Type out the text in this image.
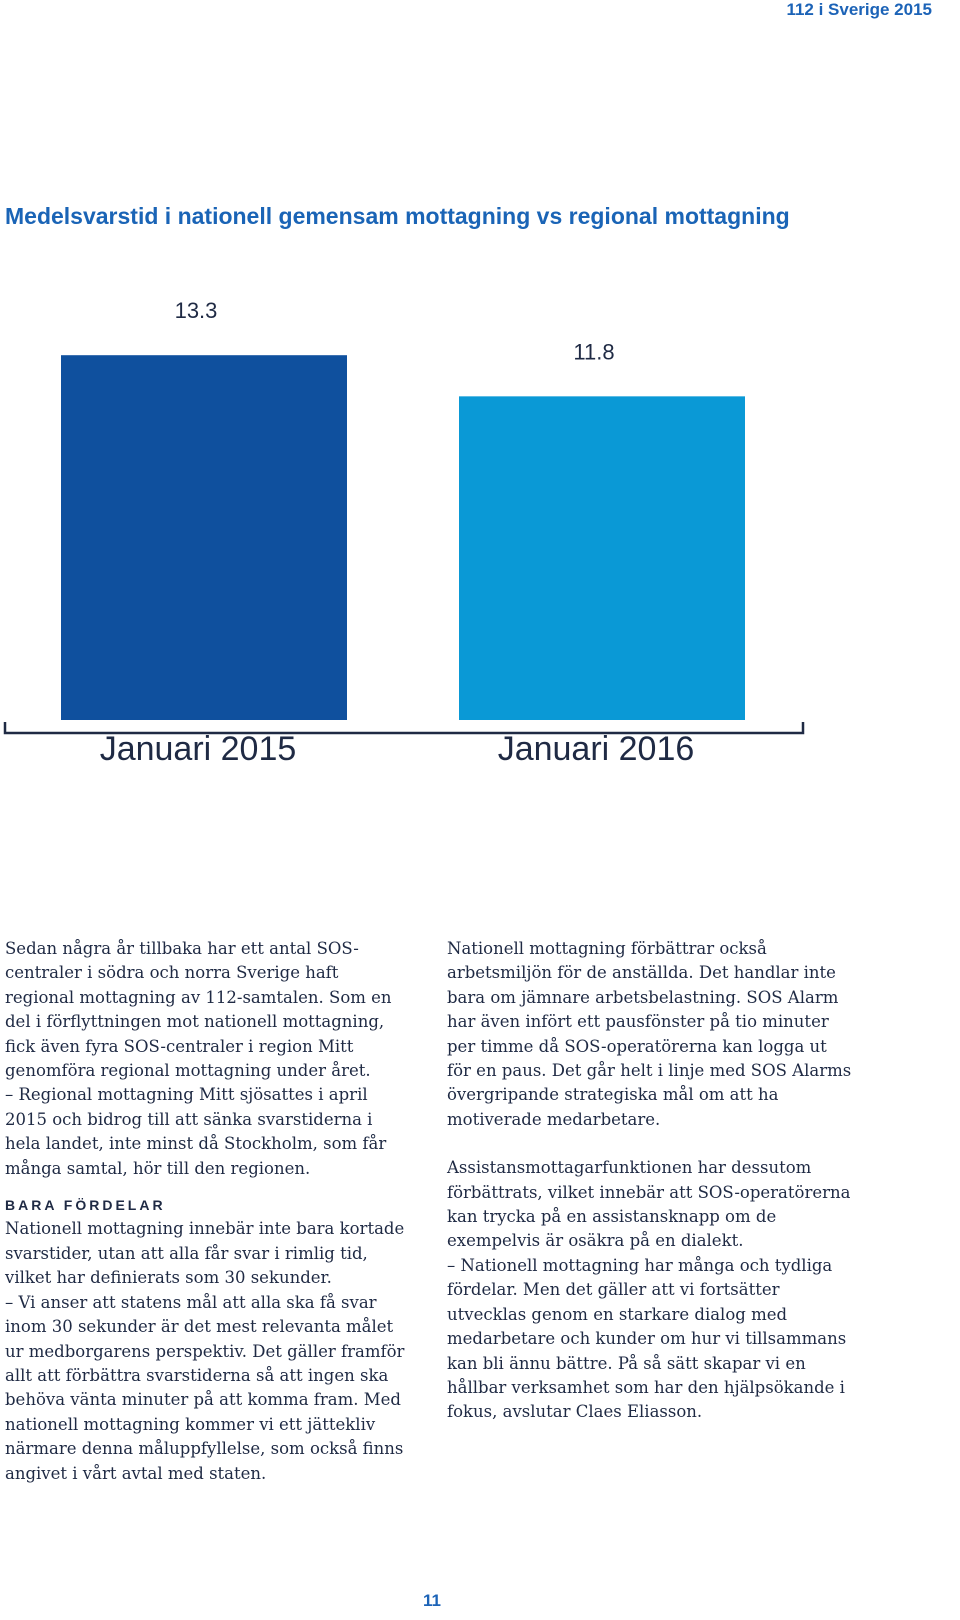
112 i Sverige 2015
Medelsvarstid i nationell gemensam mottagning vs regional mottagning
13.3
Januari 2015
11.8
Januari 2016

Sedan några år tillbaka har ett antal SOS-centraler i södra och norra Sverige haft regional mottagning av 112-samtalen. Som en del i förflyttningen mot nationell mottagning, fick även fyra SOS-centraler i region Mitt genomföra regional mottagning under året.

– Regional mottagning Mitt sjösattes i april 2015 och bidrog till att sänka svarstiderna i hela landet, inte minst då Stockholm, som får många samtal, hör till den regionen.

BARA FÖRDELAR

Nationell mottagning innebär inte bara kortade svarstider, utan att alla får svar i rimlig tid, vilket har definierats som 30 sekunder.

– Vi anser att statens mål att alla ska få svar inom 30 sekunder är det mest relevanta målet ur medborgarens perspektiv. Det gäller framför allt att förbättra svarstiderna så att ingen ska behöva vänta minuter på att komma fram. Med nationell mottagning kommer vi ett jättekliv närmare denna måluppfyllelse, som också finns angivet i vårt avtal med staten.

Nationell mottagning förbättrar också arbetsmiljön för de anställda. Det handlar inte bara om jämnare arbetsbelastning. SOS Alarm har även infört ett pausfönster på tio minuter per timme då SOS-operatörerna kan logga ut för en paus. Det går helt i linje med SOS Alarms övergripande strategiska mål om att ha motiverade medarbetare.

Assistansmottagarfunktionen har dessutom förbättrats, vilket innebär att SOS-operatörerna kan trycka på en assistansknapp om de exempelvis är osäkra på en dialekt.

– Nationell mottagning har många och tydliga fördelar. Men det gäller att vi fortsätter utvecklas genom en starkare dialog med medarbetare och kunder om hur vi tillsammans kan bli ännu bättre. På så sätt skapar vi en hållbar verksamhet som har den hjälpsökande i fokus, avslutar Claes Eliasson.

11
